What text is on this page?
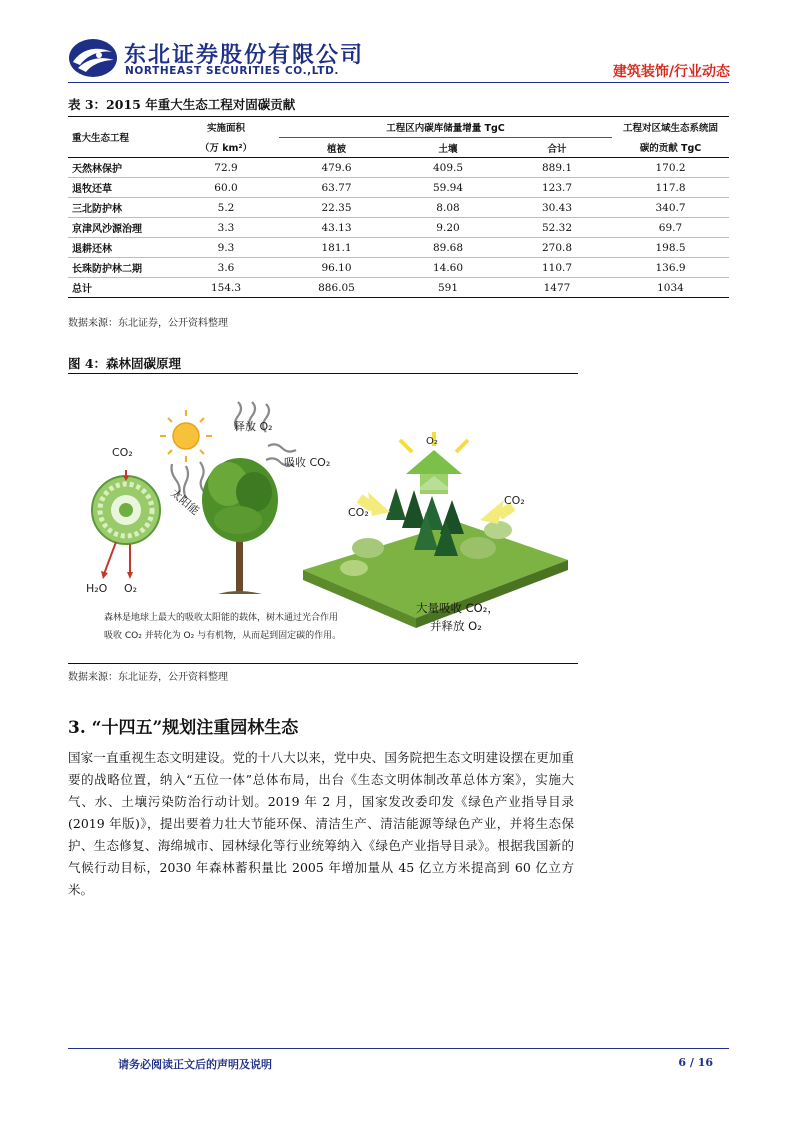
东北证券股份有限公司
NORTHEAST SECURITIES CO.,LTD.	建筑装饰/行业动态
表 3：2015 年重大生态工程对固碳贡献
重大生态工程	实施面积	工程区内碳库储量增量 TgC			工程对区域生态系统固
	（万 km²）	植被	土壤	合计	碳的贡献 TgC
天然林保护	72.9	479.6	409.5	889.1	170.2
退牧还草	60.0	63.77	59.94	123.7	117.8
三北防护林	5.2	22.35	8.08	30.43	340.7
京津风沙源治理	3.3	43.13	9.20	52.32	69.7
退耕还林	9.3	181.1	89.68	270.8	198.5
长珠防护林二期	3.6	96.10	14.60	110.7	136.9
总计	154.3	886.05	591	1477	1034
数据来源：东北证券，公开资料整理
图 4：森林固碳原理
CO₂
释放 O₂
吸收 CO₂
太阳能
H₂O O₂
O₂
CO₂
CO₂
森林是地球上最大的吸收太阳能的载体，树木通过光合作用
吸收 CO₂ 并转化为 O₂ 与有机物，从而起到固定碳的作用。
大量吸收 CO₂，
并释放 O₂
数据来源：东北证券，公开资料整理
3. “十四五”规划注重园林生态
国家一直重视生态文明建设。党的十八大以来，党中央、国务院把生态文明建设摆在更加重要的战略位置，纳入“五位一体”总体布局，出台《生态文明体制改革总体方案》，实施大气、水、土壤污染防治行动计划。2019 年 2 月，国家发改委印发《绿色产业指导目录(2019 年版)》，提出要着力壮大节能环保、清洁生产、清洁能源等绿色产业，并将生态保护、生态修复、海绵城市、园林绿化等行业统筹纳入《绿色产业指导目录》。根据我国新的气候行动目标，2030 年森林蓄积量比 2005 年增加量从 45 亿立方米提高到 60 亿立方米。
请务必阅读正文后的声明及说明	6 / 16
